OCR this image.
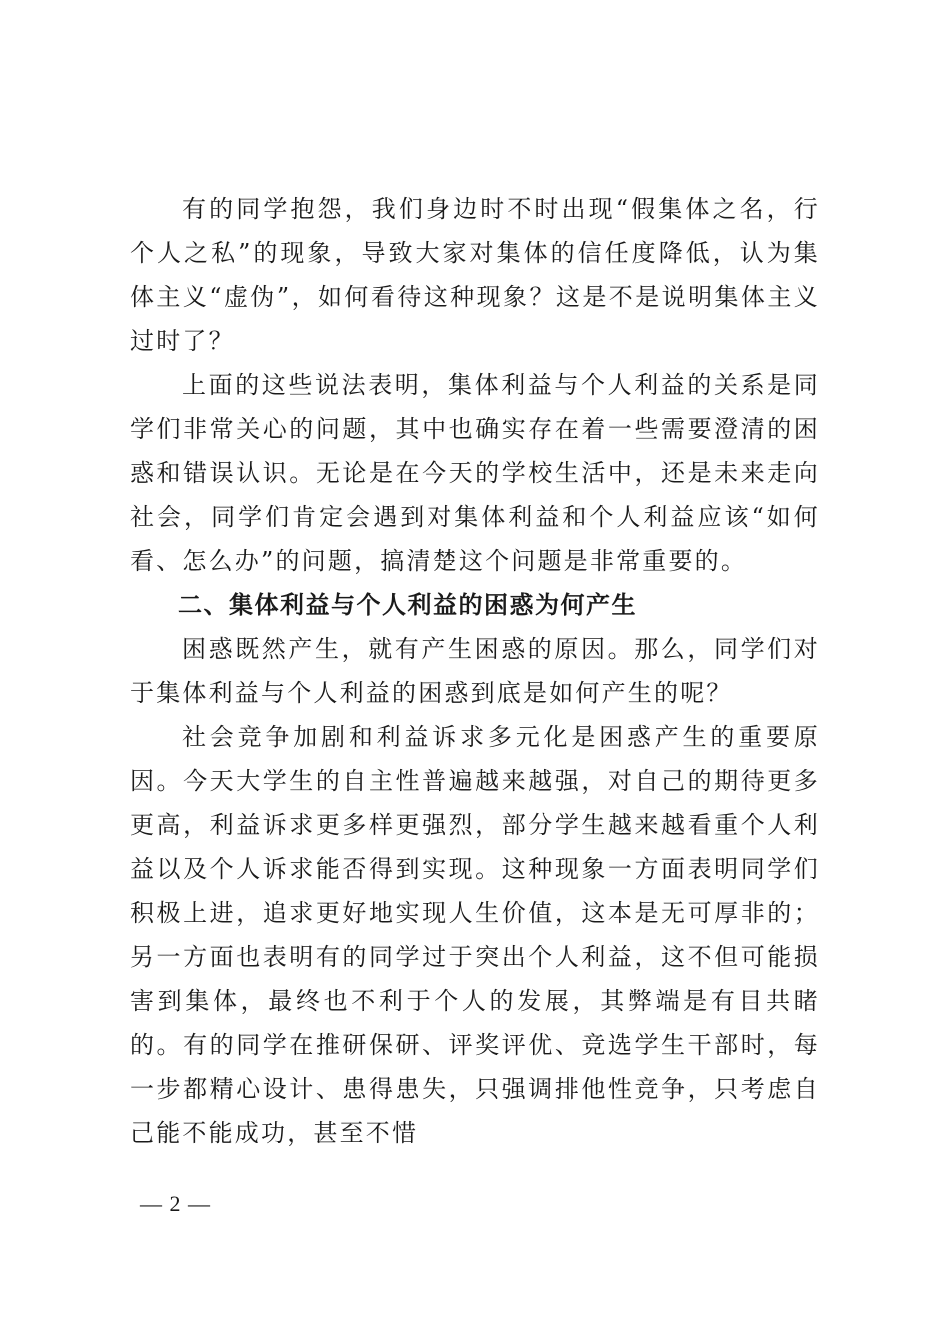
有的同学抱怨，我们身边时不时出现“假集体之名，行个人之私”的现象，导致大家对集体的信任度降低，认为集体主义“虚伪”，如何看待这种现象？这是不是说明集体主义过时了？

上面的这些说法表明，集体利益与个人利益的关系是同学们非常关心的问题，其中也确实存在着一些需要澄清的困惑和错误认识。无论是在今天的学校生活中，还是未来走向社会，同学们肯定会遇到对集体利益和个人利益应该“如何看、怎么办”的问题，搞清楚这个问题是非常重要的。

二、集体利益与个人利益的困惑为何产生

困惑既然产生，就有产生困惑的原因。那么，同学们对于集体利益与个人利益的困惑到底是如何产生的呢？

社会竞争加剧和利益诉求多元化是困惑产生的重要原因。今天大学生的自主性普遍越来越强，对自己的期待更多更高，利益诉求更多样更强烈，部分学生越来越看重个人利益以及个人诉求能否得到实现。这种现象一方面表明同学们积极上进，追求更好地实现人生价值，这本是无可厚非的；另一方面也表明有的同学过于突出个人利益，这不但可能损害到集体，最终也不利于个人的发展，其弊端是有目共睹的。有的同学在推研保研、评奖评优、竞选学生干部时，每一步都精心设计、患得患失，只强调排他性竞争，只考虑自己能不能成功，甚至不惜

— 2 —
